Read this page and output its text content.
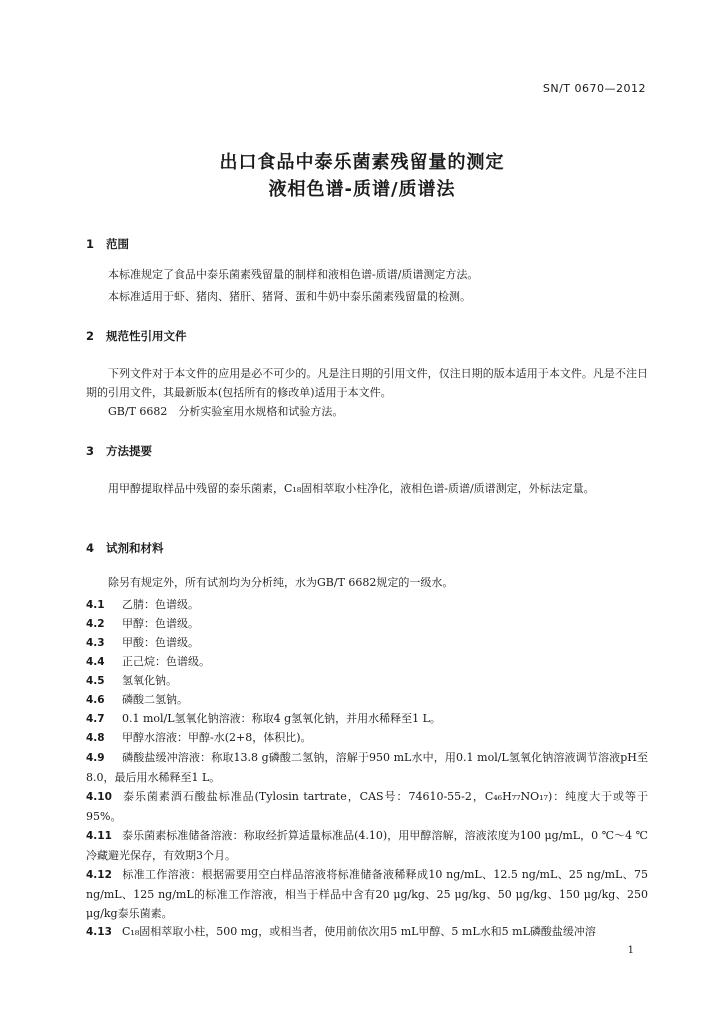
SN/T 0670—2012
出口食品中泰乐菌素残留量的测定
液相色谱-质谱/质谱法
1 范围
本标准规定了食品中泰乐菌素残留量的制样和液相色谱-质谱/质谱测定方法。
本标准适用于虾、猪肉、猪肝、猪肾、蛋和牛奶中泰乐菌素残留量的检测。
2 规范性引用文件
下列文件对于本文件的应用是必不可少的。凡是注日期的引用文件，仅注日期的版本适用于本文件。凡是不注日期的引用文件，其最新版本(包括所有的修改单)适用于本文件。
GB/T 6682　分析实验室用水规格和试验方法。
3 方法提要
用甲醇提取样品中残留的泰乐菌素，C₁₈固相萃取小柱净化，液相色谱-质谱/质谱测定，外标法定量。
4 试剂和材料
除另有规定外，所有试剂均为分析纯，水为GB/T 6682规定的一级水。
4.1 乙腈：色谱级。
4.2 甲醇：色谱级。
4.3 甲酸：色谱级。
4.4 正己烷：色谱级。
4.5 氢氧化钠。
4.6 磷酸二氢钠。
4.7 0.1 mol/L氢氧化钠溶液：称取4 g氢氧化钠，并用水稀释至1 L。
4.8 甲醇水溶液：甲醇-水(2+8，体积比)。
4.9 磷酸盐缓冲溶液：称取13.8 g磷酸二氢钠，溶解于950 mL水中，用0.1 mol/L氢氧化钠溶液调节溶液pH至8.0，最后用水稀释至1 L。
4.10 泰乐菌素酒石酸盐标准品(Tylosin tartrate，CAS号：74610-55-2，C₄₆H₇₇NO₁₇)：纯度大于或等于95%。
4.11 泰乐菌素标准储备溶液：称取经折算适量标准品(4.10)，用甲醇溶解，溶液浓度为100 μg/mL，0 ℃～4 ℃冷藏避光保存，有效期3个月。
4.12 标准工作溶液：根据需要用空白样品溶液将标准储备液稀释成10 ng/mL、12.5 ng/mL、25 ng/mL、75 ng/mL、125 ng/mL的标准工作溶液，相当于样品中含有20 μg/kg、25 μg/kg、50 μg/kg、150 μg/kg、250 μg/kg泰乐菌素。
4.13 C₁₈固相萃取小柱，500 mg，或相当者，使用前依次用5 mL甲醇、5 mL水和5 mL磷酸盐缓冲溶
1
